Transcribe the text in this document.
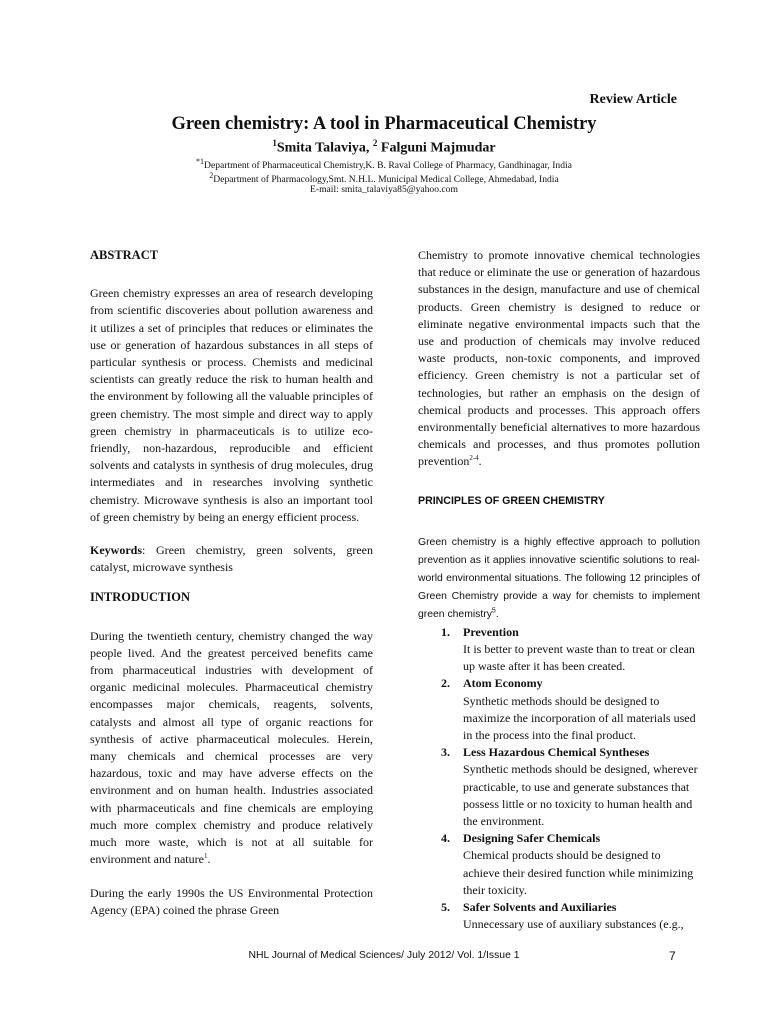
Review Article
Green chemistry: A tool in Pharmaceutical Chemistry
$^1$Smita Talaviya, $^2$ Falguni Majmudar
$^{*1}$Department of Pharmaceutical Chemistry,K. B. Raval College of Pharmacy, Gandhinagar, India
$^2$Department of Pharmacology,Smt. N.H.L. Municipal Medical College, Ahmedabad, India
E-mail: smita_talaviya85@yahoo.com

ABSTRACT

Green chemistry expresses an area of research developing from scientific discoveries about pollution awareness and it utilizes a set of principles that reduces or eliminates the use or generation of hazardous substances in all steps of particular synthesis or process. Chemists and medicinal scientists can greatly reduce the risk to human health and the environment by following all the valuable principles of green chemistry. The most simple and direct way to apply green chemistry in pharmaceuticals is to utilize eco-friendly, non-hazardous, reproducible and efficient solvents and catalysts in synthesis of drug molecules, drug intermediates and in researches involving synthetic chemistry. Microwave synthesis is also an important tool of green chemistry by being an energy efficient process.

Keywords: Green chemistry, green solvents, green catalyst, microwave synthesis

INTRODUCTION

During the twentieth century, chemistry changed the way people lived. And the greatest perceived benefits came from pharmaceutical industries with development of organic medicinal molecules. Pharmaceutical chemistry encompasses major chemicals, reagents, solvents, catalysts and almost all type of organic reactions for synthesis of active pharmaceutical molecules. Herein, many chemicals and chemical processes are very hazardous, toxic and may have adverse effects on the environment and on human health. Industries associated with pharmaceuticals and fine chemicals are employing much more complex chemistry and produce relatively much more waste, which is not at all suitable for environment and nature$^1$.

During the early 1990s the US Environmental Protection Agency (EPA) coined the phrase Green

Chemistry to promote innovative chemical technologies that reduce or eliminate the use or generation of hazardous substances in the design, manufacture and use of chemical products. Green chemistry is designed to reduce or eliminate negative environmental impacts such that the use and production of chemicals may involve reduced waste products, non-toxic components, and improved efficiency. Green chemistry is not a particular set of technologies, but rather an emphasis on the design of chemical products and processes. This approach offers environmentally beneficial alternatives to more hazardous chemicals and processes, and thus promotes pollution prevention$^{2-4}$.

PRINCIPLES OF GREEN CHEMISTRY

Green chemistry is a highly effective approach to pollution prevention as it applies innovative scientific solutions to real-world environmental situations. The following 12 principles of Green Chemistry provide a way for chemists to implement green chemistry$^5$.

1. Prevention
It is better to prevent waste than to treat or clean up waste after it has been created.
2. Atom Economy
Synthetic methods should be designed to maximize the incorporation of all materials used in the process into the final product.
3. Less Hazardous Chemical Syntheses
Synthetic methods should be designed, wherever practicable, to use and generate substances that possess little or no toxicity to human health and the environment.
4. Designing Safer Chemicals
Chemical products should be designed to achieve their desired function while minimizing their toxicity.
5. Safer Solvents and Auxiliaries
Unnecessary use of auxiliary substances (e.g.,
NHL Journal of Medical Sciences/ July 2012/ Vol. 1/Issue 1	7
